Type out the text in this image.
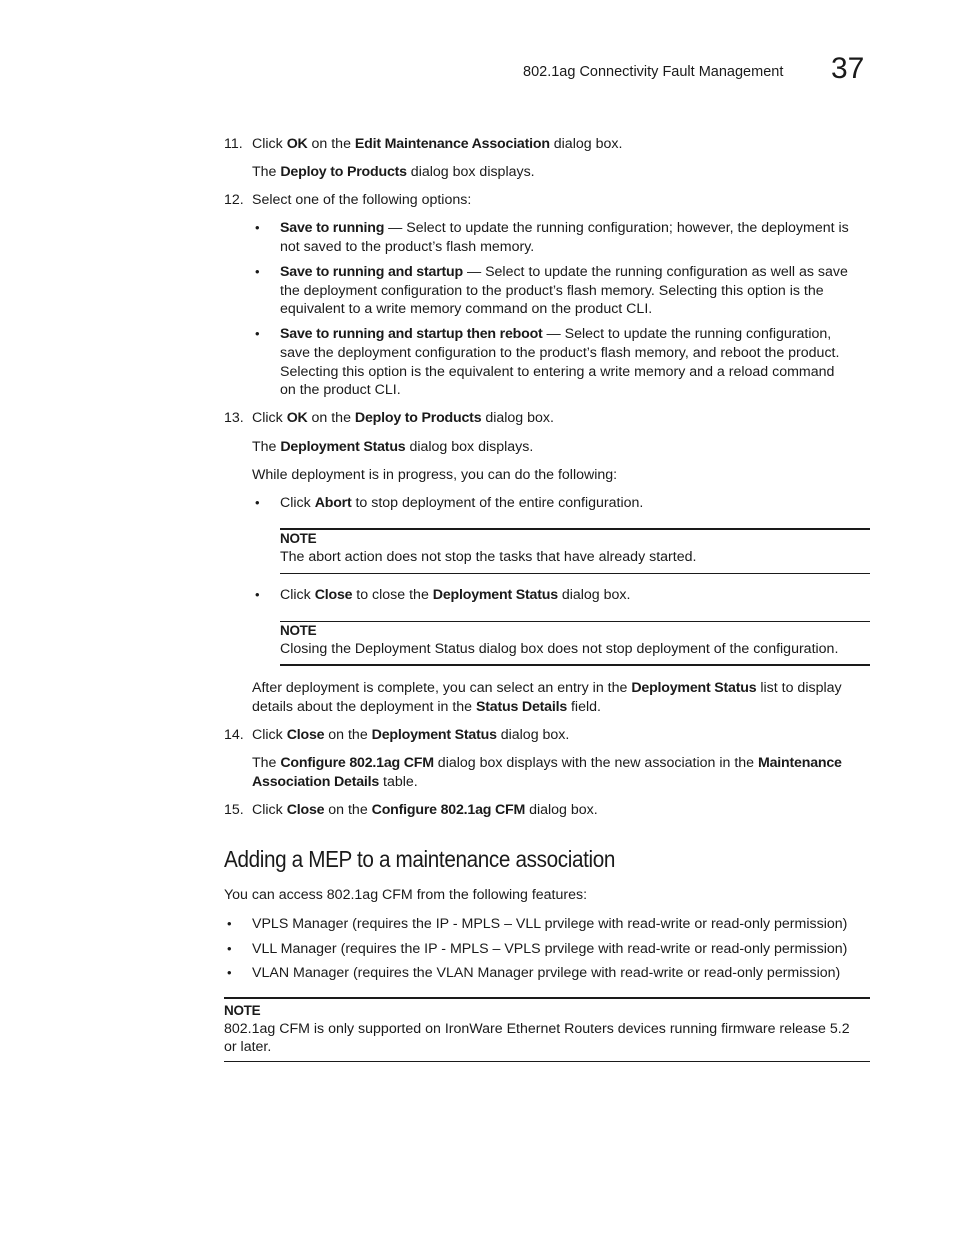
802.1ag Connectivity Fault Management 37
11. Click OK on the Edit Maintenance Association dialog box.
The Deploy to Products dialog box displays.
12. Select one of the following options:
• Save to running — Select to update the running configuration; however, the deployment is
not saved to the product’s flash memory.
• Save to running and startup — Select to update the running configuration as well as save
the deployment configuration to the product’s flash memory. Selecting this option is the
equivalent to a write memory command on the product CLI.
• Save to running and startup then reboot — Select to update the running configuration,
save the deployment configuration to the product’s flash memory, and reboot the product.
Selecting this option is the equivalent to entering a write memory and a reload command
on the product CLI.
13. Click OK on the Deploy to Products dialog box.
The Deployment Status dialog box displays.
While deployment is in progress, you can do the following:
• Click Abort to stop deployment of the entire configuration.
NOTE
The abort action does not stop the tasks that have already started.
• Click Close to close the Deployment Status dialog box.
NOTE
Closing the Deployment Status dialog box does not stop deployment of the configuration.
After deployment is complete, you can select an entry in the Deployment Status list to display
details about the deployment in the Status Details field.
14. Click Close on the Deployment Status dialog box.
The Configure 802.1ag CFM dialog box displays with the new association in the Maintenance
Association Details table.
15. Click Close on the Configure 802.1ag CFM dialog box.
Adding a MEP to a maintenance association
You can access 802.1ag CFM from the following features:
• VPLS Manager (requires the IP - MPLS – VLL prvilege with read-write or read-only permission)
• VLL Manager (requires the IP - MPLS – VPLS prvilege with read-write or read-only permission)
• VLAN Manager (requires the VLAN Manager prvilege with read-write or read-only permission)
NOTE
802.1ag CFM is only supported on IronWare Ethernet Routers devices running firmware release 5.2
or later.
